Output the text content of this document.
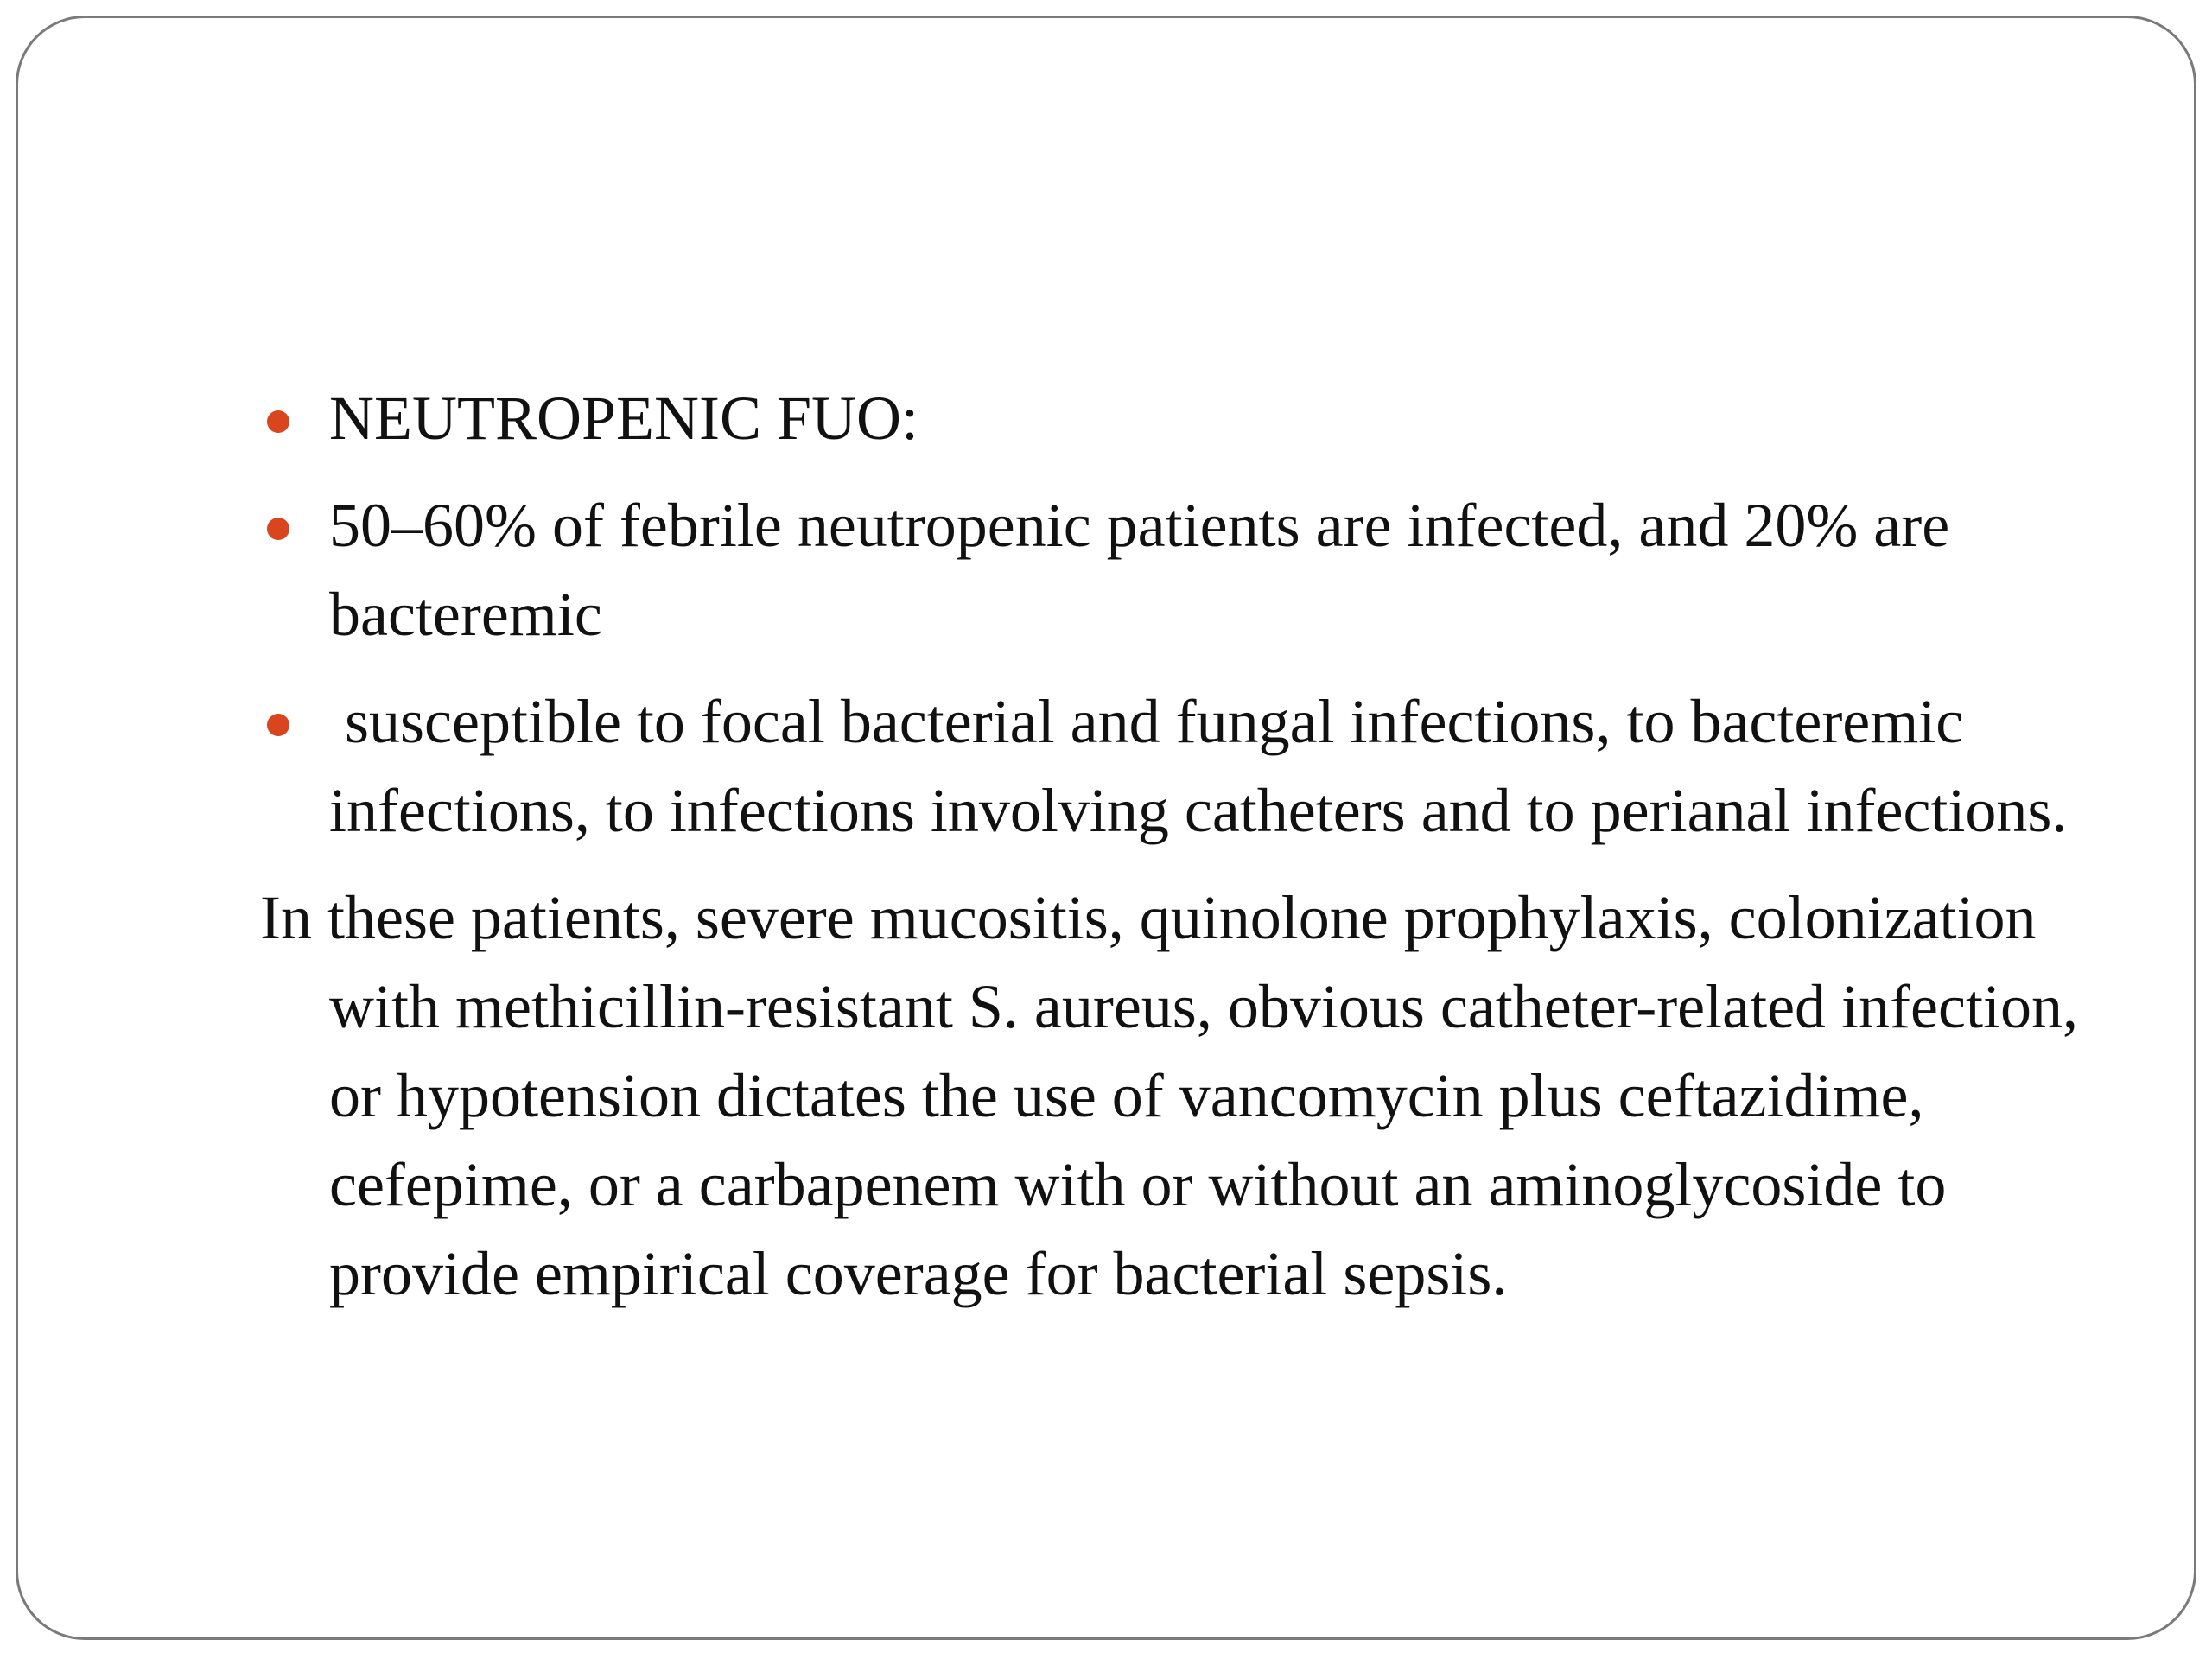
NEUTROPENIC FUO:
50–60% of febrile neutropenic patients are infected, and 20% are bacteremic
susceptible to focal bacterial and fungal infections, to bacteremic infections, to infections involving catheters and to perianal infections.
In these patients, severe mucositis, quinolone prophylaxis, colonization with methicillin-resistant S. aureus, obvious catheter-related infection, or hypotension dictates the use of vancomycin plus ceftazidime, cefepime, or a carbapenem with or without an aminoglycoside to provide empirical coverage for bacterial sepsis.
